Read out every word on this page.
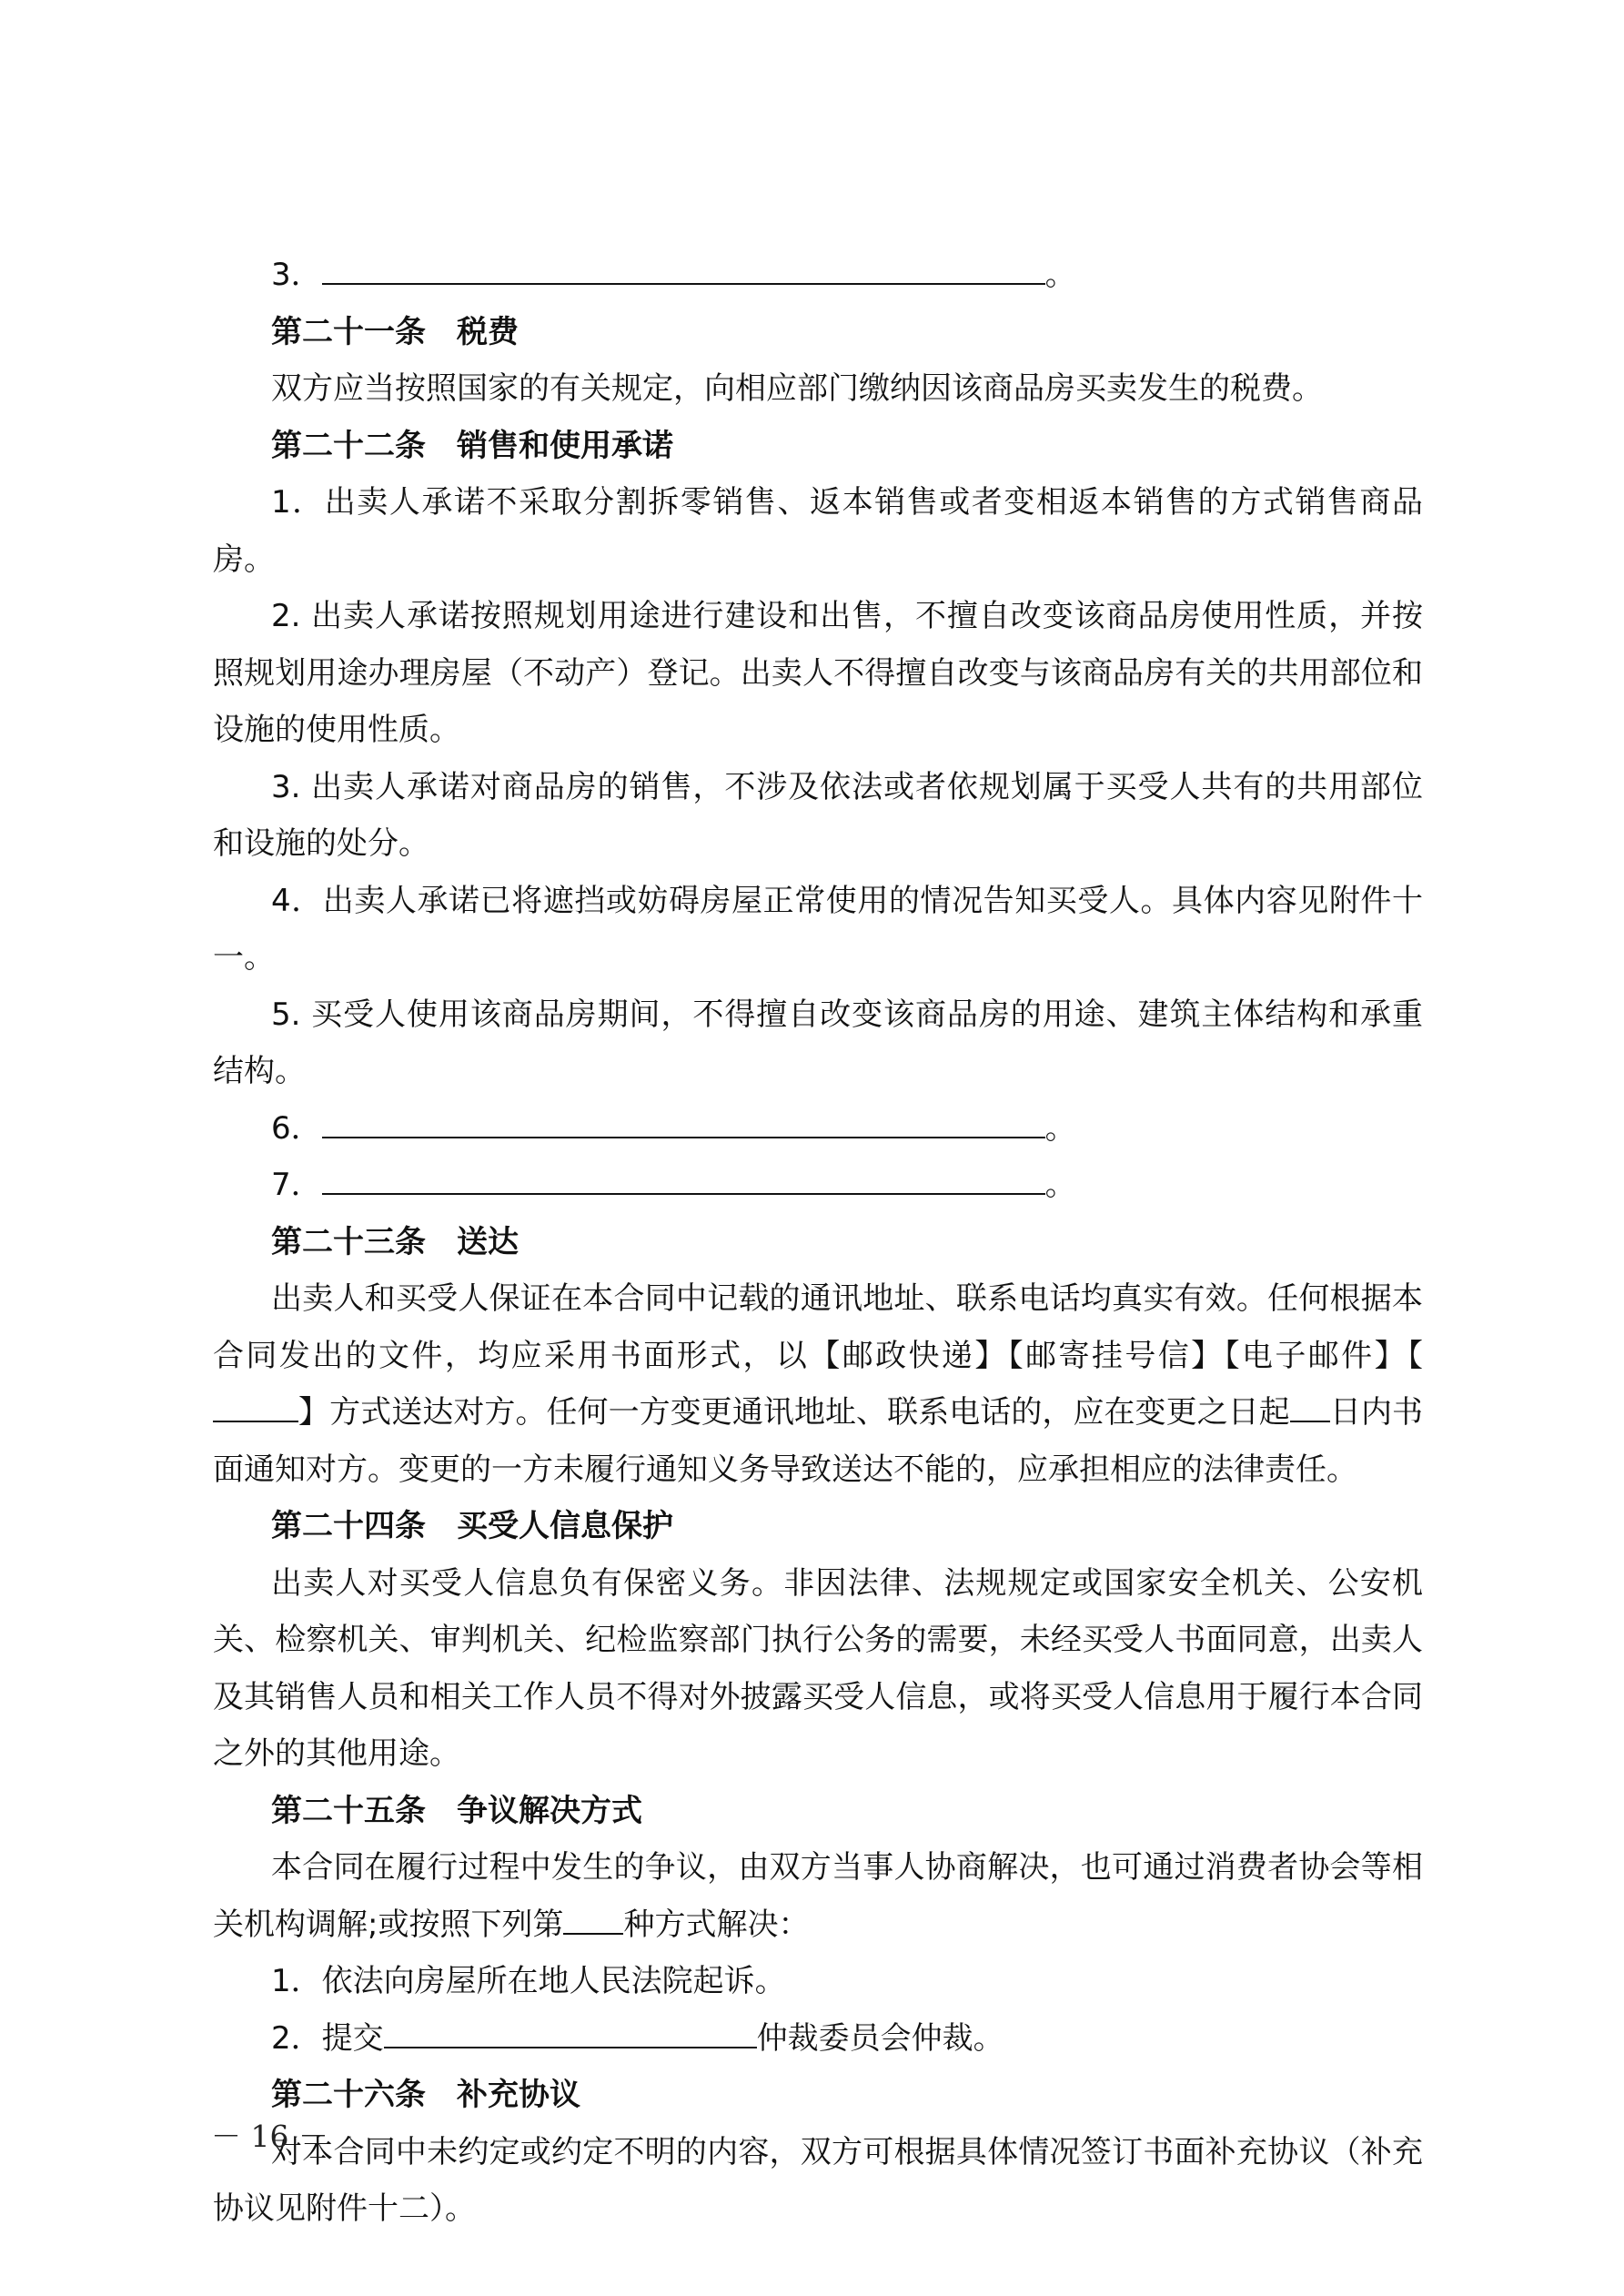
3．	。

第二十一条 税费

双方应当按照国家的有关规定，向相应部门缴纳因该商品房买卖发生的税费。

第二十二条 销售和使用承诺

1．出卖人承诺不采取分割拆零销售、返本销售或者变相返本销售的方式销售商品房。

2. 出卖人承诺按照规划用途进行建设和出售，不擅自改变该商品房使用性质，并按照规划用途办理房屋（不动产）登记。出卖人不得擅自改变与该商品房有关的共用部位和设施的使用性质。

3. 出卖人承诺对商品房的销售，不涉及依法或者依规划属于买受人共有的共用部位和设施的处分。

4．出卖人承诺已将遮挡或妨碍房屋正常使用的情况告知买受人。具体内容见附件十一。

5. 买受人使用该商品房期间，不得擅自改变该商品房的用途、建筑主体结构和承重结构。

6．	。

7．	。

第二十三条 送达

出卖人和买受人保证在本合同中记载的通讯地址、联系电话均真实有效。任何根据本合同发出的文件，均应采用书面形式，以【邮政快递】【邮寄挂号信】【电子邮件】【】方式送达对方。任何一方变更通讯地址、联系电话的，应在变更之日起 日内书面通知对方。变更的一方未履行通知义务导致送达不能的，应承担相应的法律责任。

第二十四条 买受人信息保护

出卖人对买受人信息负有保密义务。非因法律、法规规定或国家安全机关、公安机关、检察机关、审判机关、纪检监察部门执行公务的需要，未经买受人书面同意，出卖人及其销售人员和相关工作人员不得对外披露买受人信息，或将买受人信息用于履行本合同之外的其他用途。

第二十五条 争议解决方式

本合同在履行过程中发生的争议，由双方当事人协商解决，也可通过消费者协会等相关机构调解;或按照下列第 种方式解决：

1．依法向房屋所在地人民法院起诉。

2．提交	仲裁委员会仲裁。

第二十六条 补充协议

对本合同中未约定或约定不明的内容，双方可根据具体情况签订书面补充协议（补充协议见附件十二）。

－ 16 －
